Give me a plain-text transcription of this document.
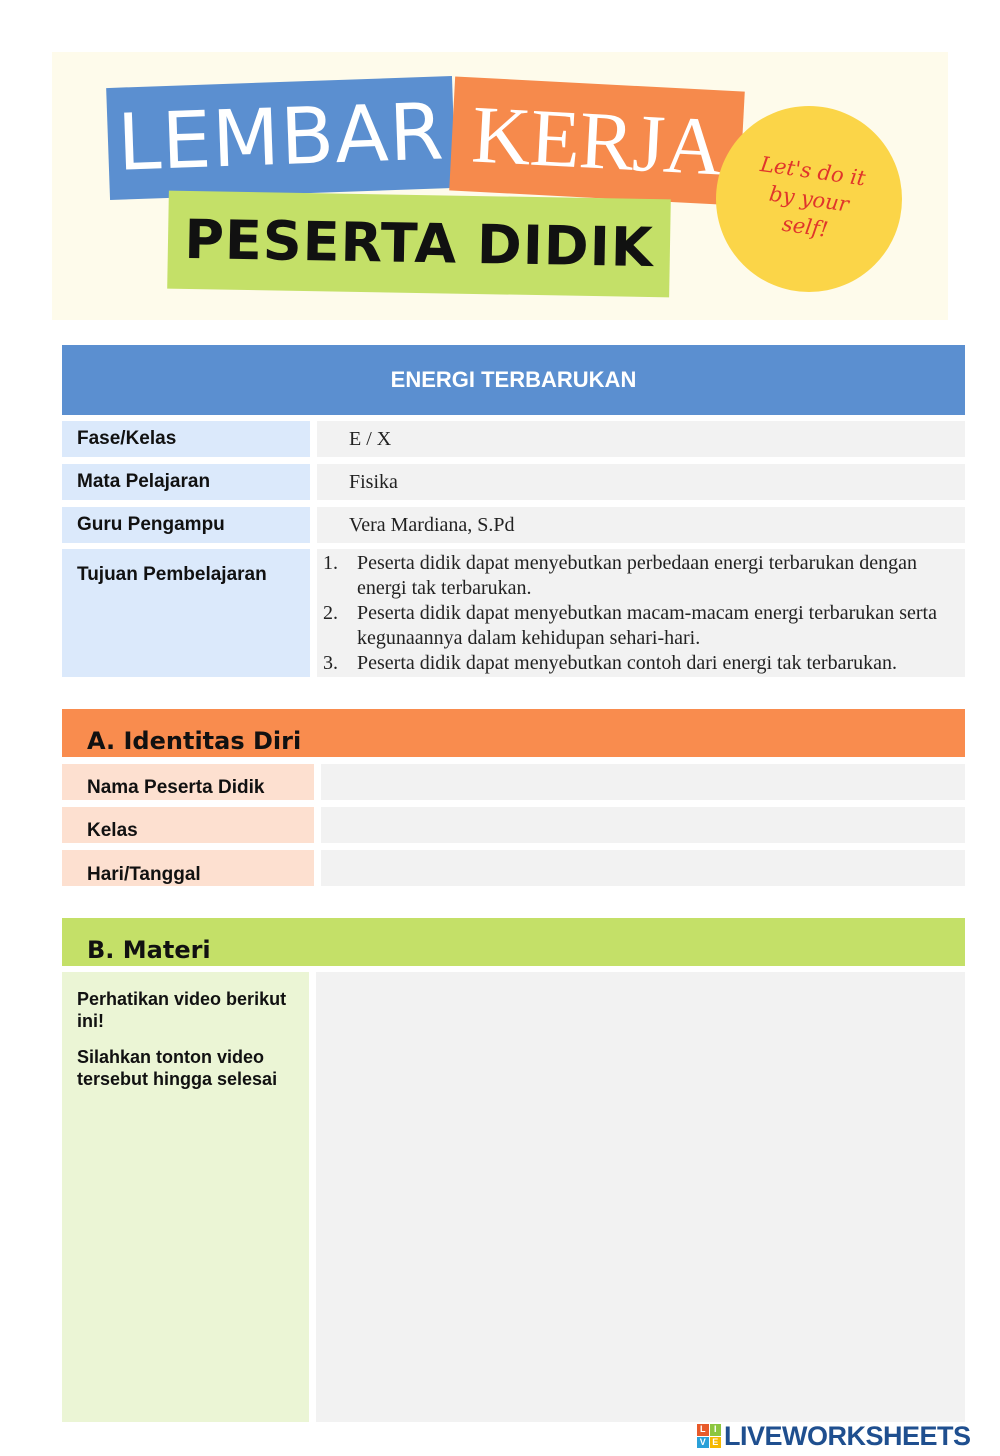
LEMBAR KERJA
PESERTA DIDIK
Let's do it by your self!
ENERGI TERBARUKAN
Fase/Kelas	E / X
Mata Pelajaran	Fisika
Guru Pengampu	Vera Mardiana, S.Pd
Tujuan Pembelajaran
1. Peserta didik dapat menyebutkan perbedaan energi terbarukan dengan energi tak terbarukan.
2. Peserta didik dapat menyebutkan macam-macam energi terbarukan serta kegunaannya dalam kehidupan sehari-hari.
3. Peserta didik dapat menyebutkan contoh dari energi tak terbarukan.
A. Identitas Diri
Nama Peserta Didik
Kelas
Hari/Tanggal
B. Materi

Perhatikan video berikut ini!

Silahkan tonton video tersebut hingga selesai

L I
V E LIVEWORKSHEETS
